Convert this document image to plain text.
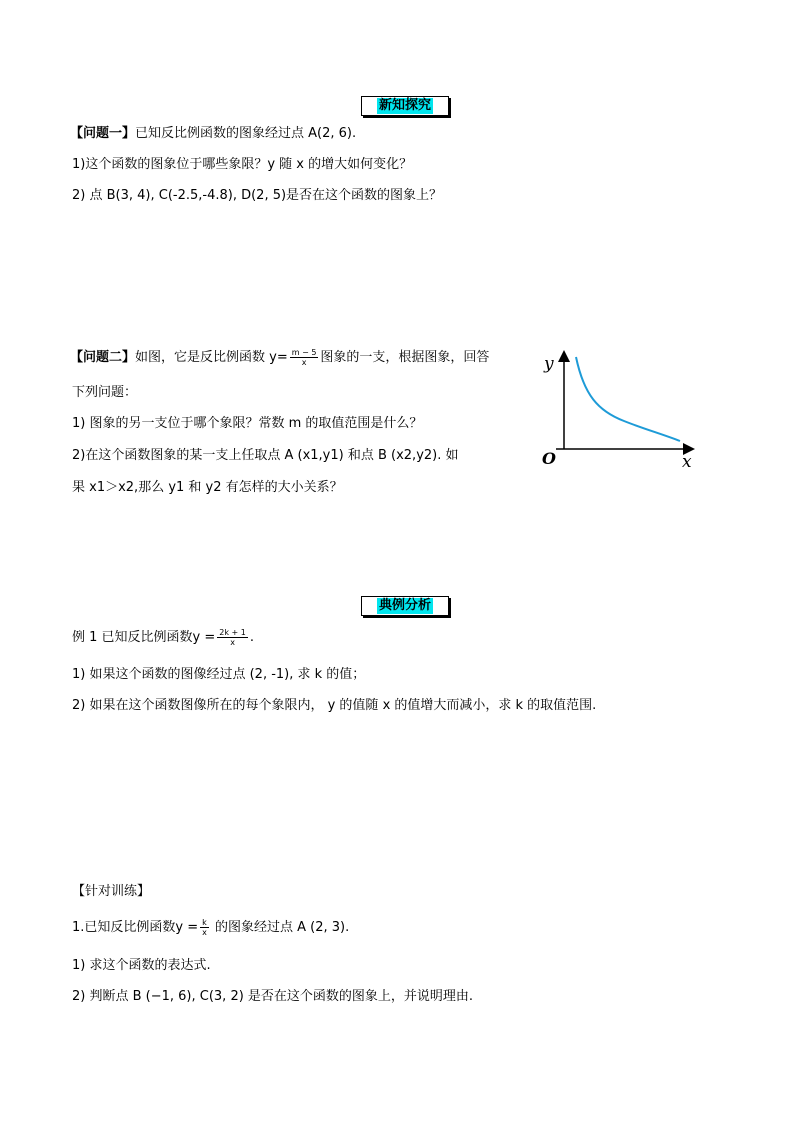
新知探究
【问题一】已知反比例函数的图象经过点 A(2, 6).
1)这个函数的图象位于哪些象限？y 随 x 的增大如何变化？
2) 点 B(3, 4), C(-2.5,-4.8), D(2, 5)是否在这个函数的图象上？
【问题二】如图，它是反比例函数 $y= \frac{m - 5}{x}$ 图象的一支，根据图象，回答
下列问题：
1) 图象的另一支位于哪个象限？常数 m 的取值范围是什么？
2)在这个函数图象的某一支上任取点 A (x1,y1) 和点 B (x2,y2). 如
果 x1＞x2,那么 y1 和 y2 有怎样的大小关系？
y
x
O
典例分析
例 1 已知反比例函数$y = \frac{2k + 1}{x}$ .
1) 如果这个函数的图像经过点 (2, -1), 求 k 的值；
2) 如果在这个函数图像所在的每个象限内， y 的值随 x 的值增大而减小，求 k 的取值范围.
【针对训练】
1.已知反比例函数$y = \frac{k}{x}$ 的图象经过点 A (2, 3).
1) 求这个函数的表达式.
2) 判断点 B (−1, 6), C(3, 2) 是否在这个函数的图象上，并说明理由.
